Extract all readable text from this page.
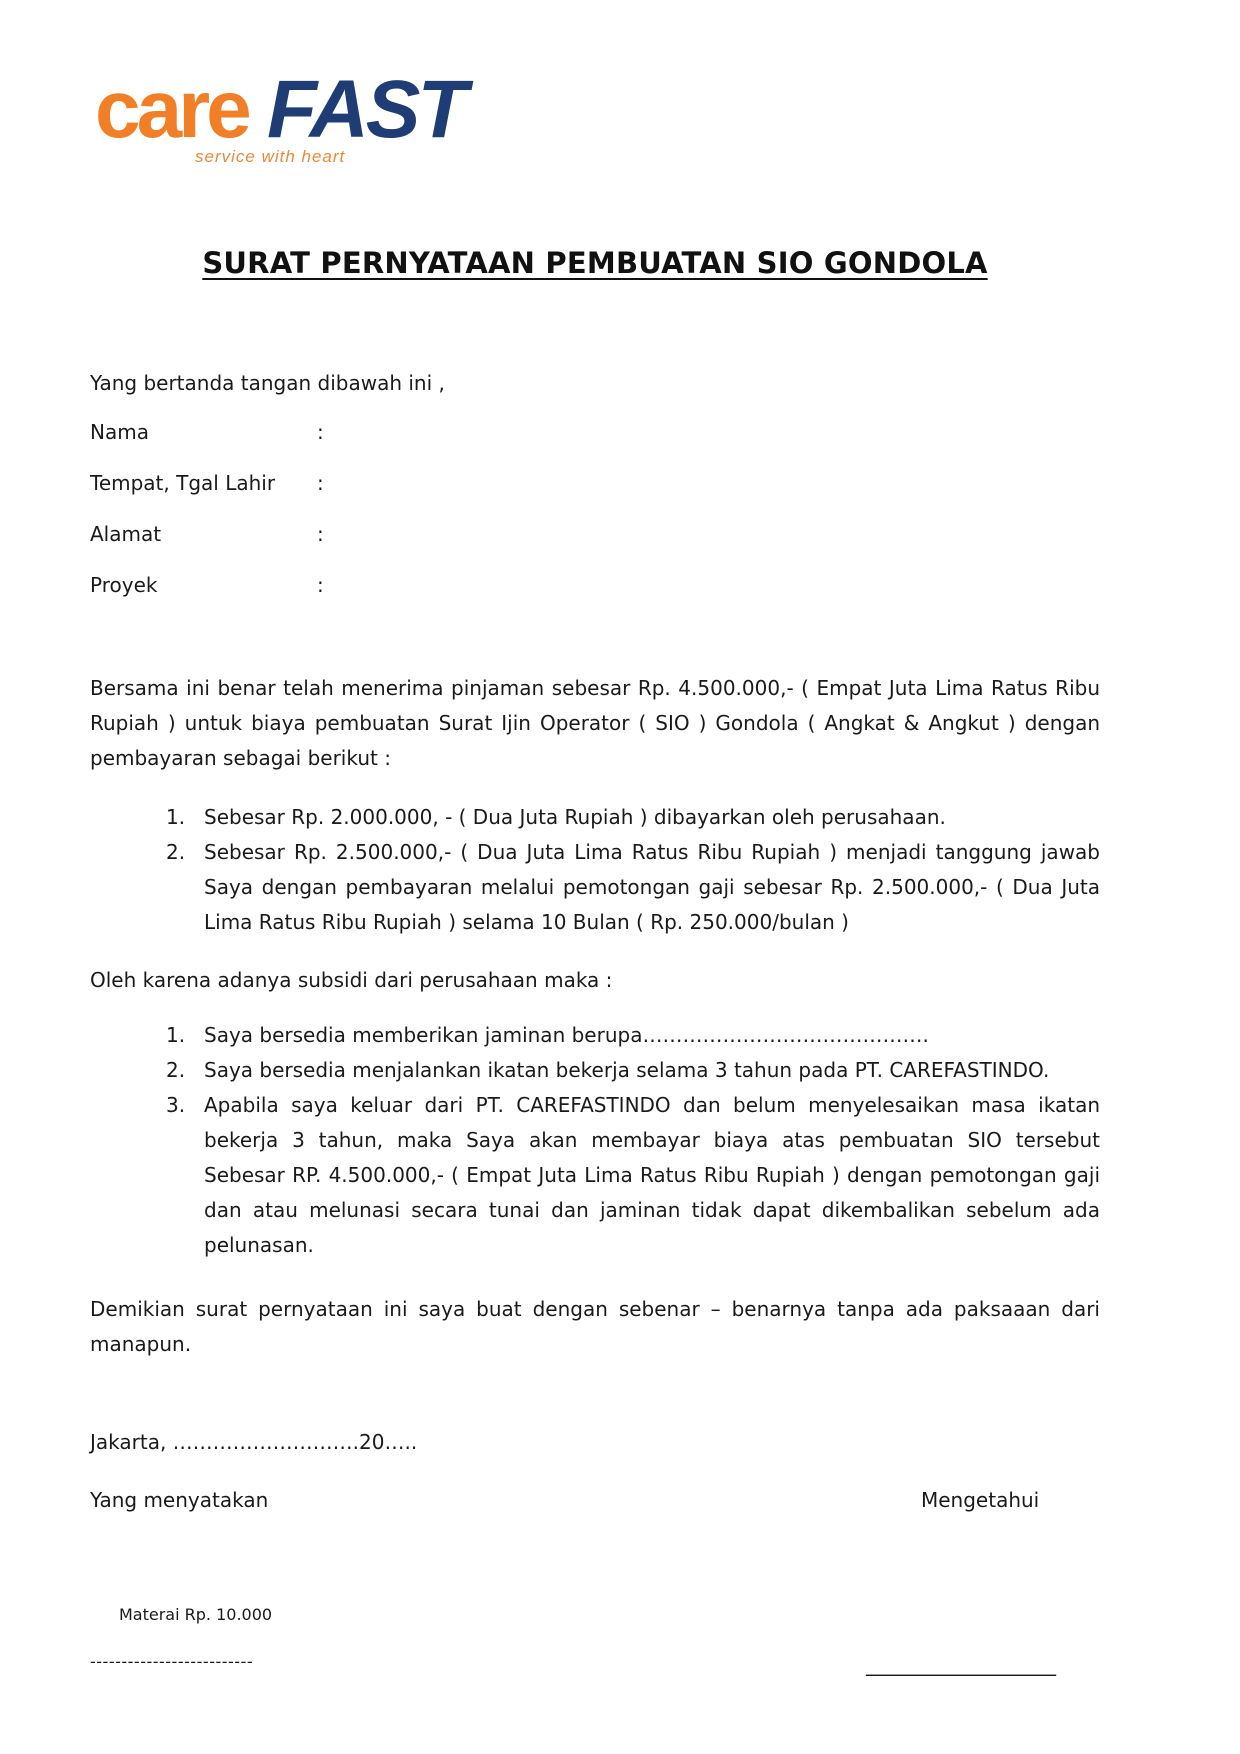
care FAST
service with heart
SURAT PERNYATAAN PEMBUATAN SIO GONDOLA
Yang bertanda tangan dibawah ini ,
Nama	:
Tempat, Tgal Lahir :
Alamat	:
Proyek	:
Bersama ini benar telah menerima pinjaman sebesar Rp. 4.500.000,- ( Empat Juta Lima Ratus Ribu Rupiah ) untuk biaya pembuatan Surat Ijin Operator ( SIO ) Gondola ( Angkat & Angkut ) dengan pembayaran sebagai berikut :
1. Sebesar Rp. 2.000.000, - ( Dua Juta Rupiah ) dibayarkan oleh perusahaan.
2. Sebesar Rp. 2.500.000,- ( Dua Juta Lima Ratus Ribu Rupiah ) menjadi tanggung jawab Saya dengan pembayaran melalui pemotongan gaji sebesar Rp. 2.500.000,- ( Dua Juta Lima Ratus Ribu Rupiah ) selama 10 Bulan ( Rp. 250.000/bulan )
Oleh karena adanya subsidi dari perusahaan maka :
1. Saya bersedia memberikan jaminan berupa…………………………………….
2. Saya bersedia menjalankan ikatan bekerja selama 3 tahun pada PT. CAREFASTINDO.
3. Apabila saya keluar dari PT. CAREFASTINDO dan belum menyelesaikan masa ikatan bekerja 3 tahun, maka Saya akan membayar biaya atas pembuatan SIO tersebut Sebesar RP. 4.500.000,- ( Empat Juta Lima Ratus Ribu Rupiah ) dengan pemotongan gaji dan atau melunasi secara tunai dan jaminan tidak dapat dikembalikan sebelum ada pelunasan.
Demikian surat pernyataan ini saya buat dengan sebenar – benarnya tanpa ada paksaaan dari manapun.
Jakarta, ……………………….20…..
Yang menyatakan	Mengetahui
Materai Rp. 10.000
--------------------------	___________________
